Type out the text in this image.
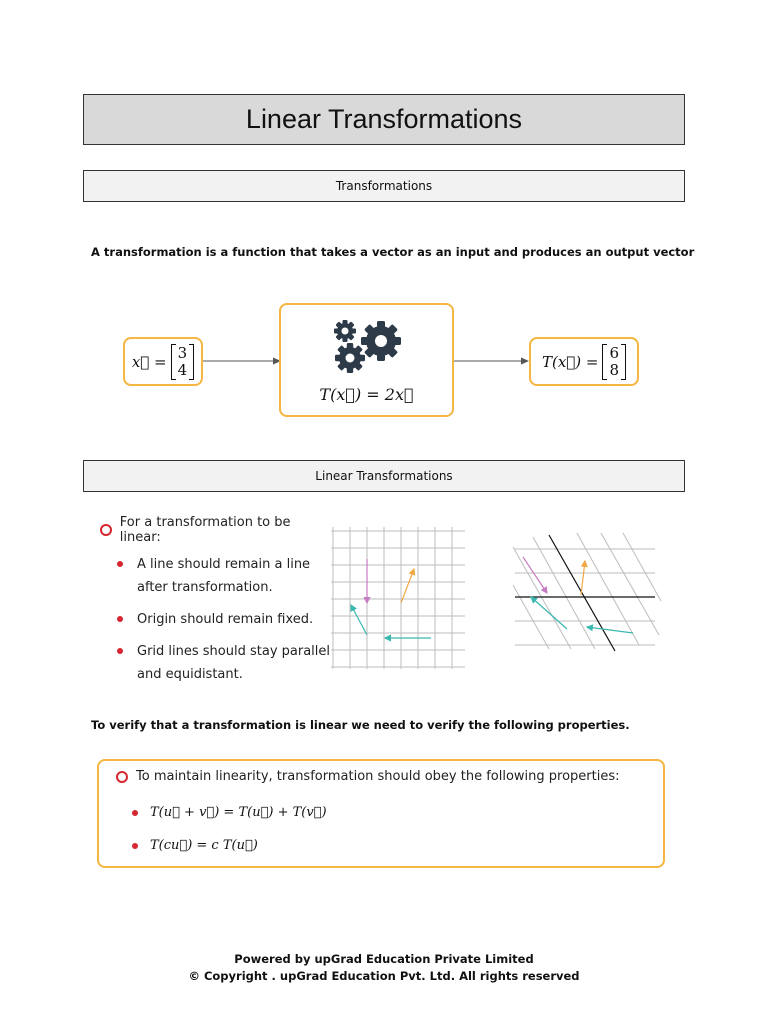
Linear Transformations
Transformations
A transformation is a function that takes a vector as an input and produces an output vector
x⃗ = 3
4
T(x⃗) = 2x⃗
T(x⃗) = 6
8
Linear Transformations
For a transformation to be linear:
A line should remain a line
after transformation.
Origin should remain fixed.
Grid lines should stay parallel
and equidistant.
To verify that a transformation is linear we need to verify the following properties.
To maintain linearity, transformation should obey the following properties:
T(u⃗ + v⃗) = T(u⃗) + T(v⃗)
T(cu⃗) = c T(u⃗)
Powered by upGrad Education Private Limited
© Copyright . upGrad Education Pvt. Ltd. All rights reserved
